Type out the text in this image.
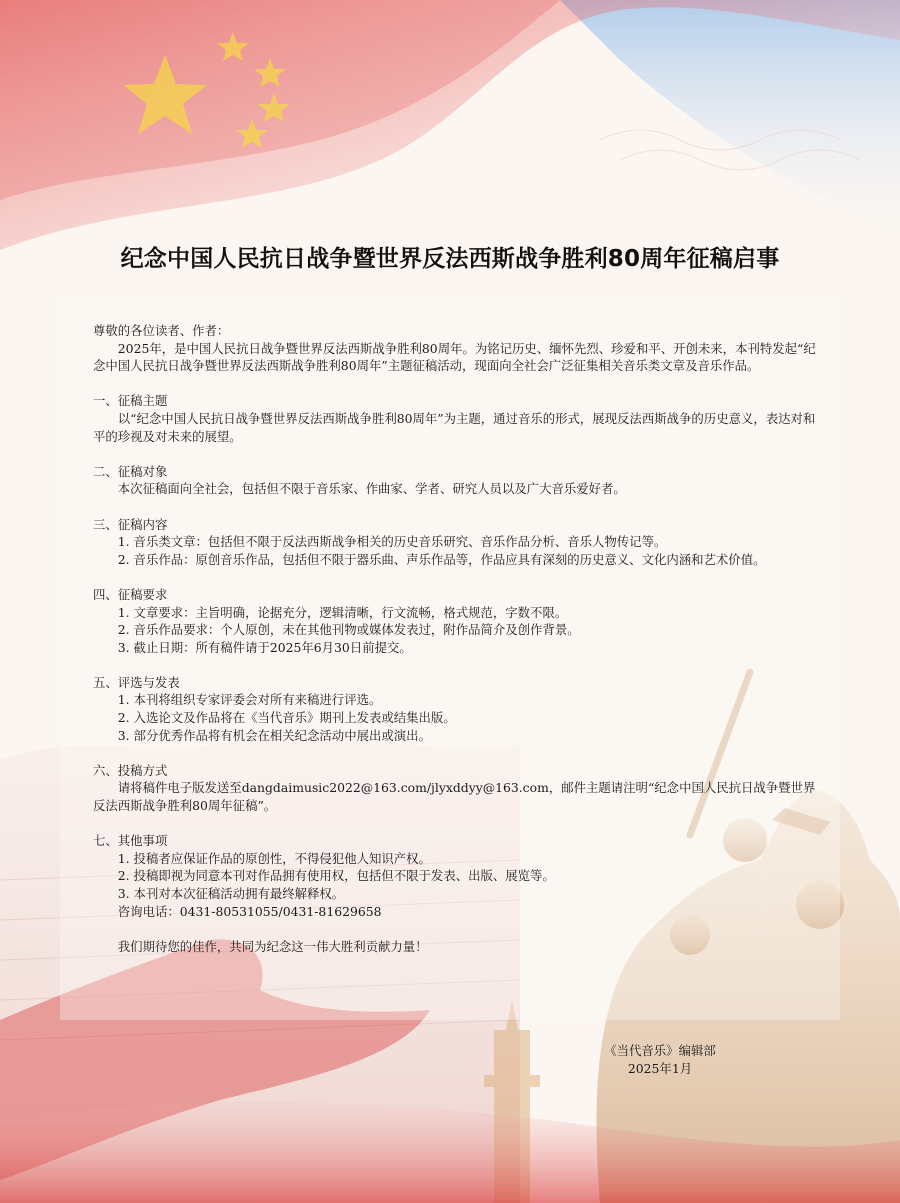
纪念中国人民抗日战争暨世界反法西斯战争胜利80周年征稿启事

尊敬的各位读者、作者：

2025年，是中国人民抗日战争暨世界反法西斯战争胜利80周年。为铭记历史、缅怀先烈、珍爱和平、开创未来，本刊特发起“纪念中国人民抗日战争暨世界反法西斯战争胜利80周年”主题征稿活动，现面向全社会广泛征集相关音乐类文章及音乐作品。

一、征稿主题

以“纪念中国人民抗日战争暨世界反法西斯战争胜利80周年”为主题，通过音乐的形式，展现反法西斯战争的历史意义，表达对和平的珍视及对未来的展望。

二、征稿对象

本次征稿面向全社会，包括但不限于音乐家、作曲家、学者、研究人员以及广大音乐爱好者。

三、征稿内容

1. 音乐类文章：包括但不限于反法西斯战争相关的历史音乐研究、音乐作品分析、音乐人物传记等。

2. 音乐作品：原创音乐作品，包括但不限于器乐曲、声乐作品等，作品应具有深刻的历史意义、文化内涵和艺术价值。

四、征稿要求

1. 文章要求：主旨明确，论据充分，逻辑清晰，行文流畅，格式规范，字数不限。

2. 音乐作品要求：个人原创，未在其他刊物或媒体发表过，附作品简介及创作背景。

3. 截止日期：所有稿件请于2025年6月30日前提交。

五、评选与发表

1. 本刊将组织专家评委会对所有来稿进行评选。

2. 入选论文及作品将在《当代音乐》期刊上发表或结集出版。

3. 部分优秀作品将有机会在相关纪念活动中展出或演出。

六、投稿方式

请将稿件电子版发送至dangdaimusic2022@163.com/jlyxddyy@163.com，邮件主题请注明“纪念中国人民抗日战争暨世界反法西斯战争胜利80周年征稿”。

七、其他事项

1. 投稿者应保证作品的原创性，不得侵犯他人知识产权。

2. 投稿即视为同意本刊对作品拥有使用权，包括但不限于发表、出版、展览等。

3. 本刊对本次征稿活动拥有最终解释权。

咨询电话：0431-80531055/0431-81629658

我们期待您的佳作，共同为纪念这一伟大胜利贡献力量！

《当代音乐》编辑部
2025年1月
